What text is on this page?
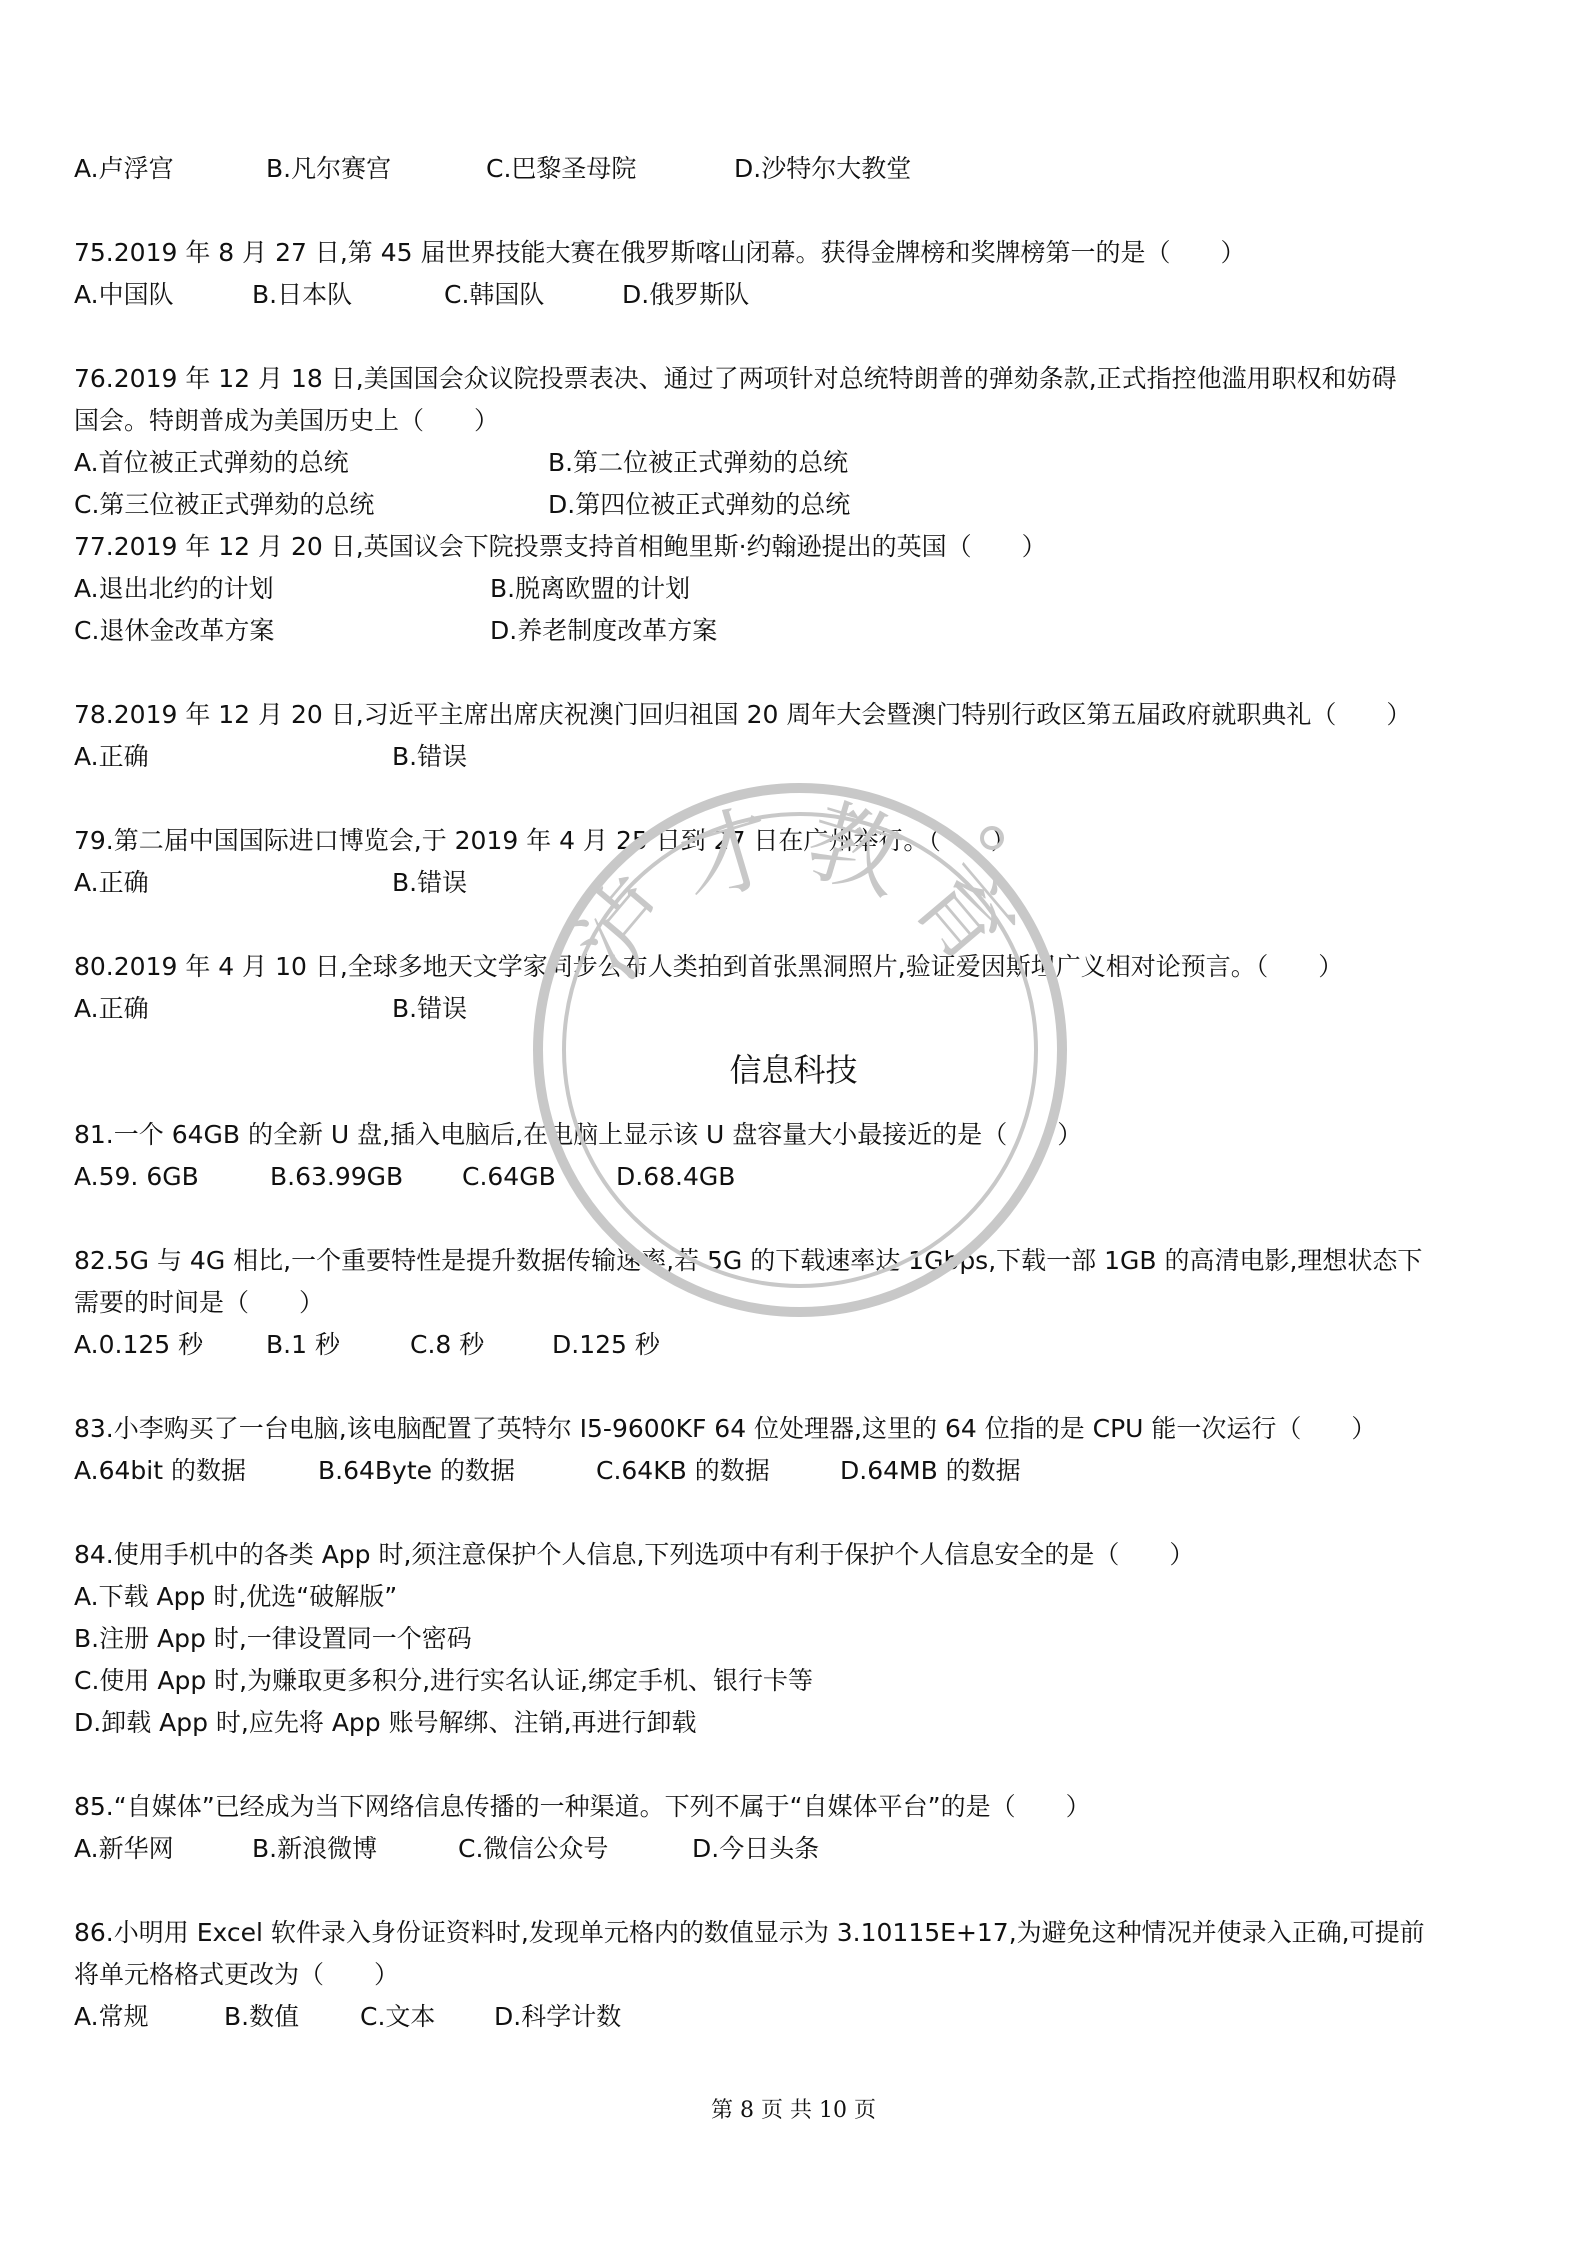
A.卢浮宫	B.凡尔赛宫	C.巴黎圣母院	D.沙特尔大教堂
75.2019 年 8 月 27 日,第 45 届世界技能大赛在俄罗斯喀山闭幕。获得金牌榜和奖牌榜第一的是（　　）
A.中国队	B.日本队	C.韩国队	D.俄罗斯队
76.2019 年 12 月 18 日,美国国会众议院投票表决、通过了两项针对总统特朗普的弹劾条款,正式指控他滥用职权和妨碍
国会。特朗普成为美国历史上（　　）
A.首位被正式弹劾的总统	B.第二位被正式弹劾的总统
C.第三位被正式弹劾的总统	D.第四位被正式弹劾的总统
77.2019 年 12 月 20 日,英国议会下院投票支持首相鲍里斯·约翰逊提出的英国（　　）
A.退出北约的计划	B.脱离欧盟的计划
C.退休金改革方案	D.养老制度改革方案
78.2019 年 12 月 20 日,习近平主席出席庆祝澳门回归祖国 20 周年大会暨澳门特别行政区第五届政府就职典礼（　　）
A.正确	B.错误
79.第二届中国国际进口博览会,于 2019 年 4 月 25 日到 27 日在广州举行。（　　）
A.正确	B.错误
80.2019 年 4 月 10 日,全球多地天文学家同步公布人类拍到首张黑洞照片,验证爱因斯坦广义相对论预言。（　　）
A.正确	B.错误
信息科技
81.一个 64GB 的全新 U 盘,插入电脑后,在电脑上显示该 U 盘容量大小最接近的是（　　）
A.59. 6GB	B.63.99GB C.64GB D.68.4GB
82.5G 与 4G 相比,一个重要特性是提升数据传输速率,若 5G 的下载速率达 1Gbps,下载一部 1GB 的高清电影,理想状态下
需要的时间是（　　）
A.0.125 秒	B.1 秒	C.8 秒	D.125 秒
83.小李购买了一台电脑,该电脑配置了英特尔 I5-9600KF 64 位处理器,这里的 64 位指的是 CPU 能一次运行（　　）
A.64bit 的数据	B.64Byte 的数据	C.64KB 的数据	D.64MB 的数据
84.使用手机中的各类 App 时,须注意保护个人信息,下列选项中有利于保护个人信息安全的是（　　）
A.下载 App 时,优选“破解版”
B.注册 App 时,一律设置同一个密码
C.使用 App 时,为赚取更多积分,进行实名认证,绑定手机、银行卡等
D.卸载 App 时,应先将 App 账号解绑、注销,再进行卸载
85.“自媒体”已经成为当下网络信息传播的一种渠道。下列不属于“自媒体平台”的是（　　）
A.新华网	B.新浪微博	C.微信公众号	D.今日头条
86.小明用 Excel 软件录入身份证资料时,发现单元格内的数值显示为 3.10115E+17,为避免这种情况并使录入正确,可提前
将单元格格式更改为（　　）
A.常规	B.数值 C.文本 D.科学计数
第 8 页 共 10 页
泸才教育
